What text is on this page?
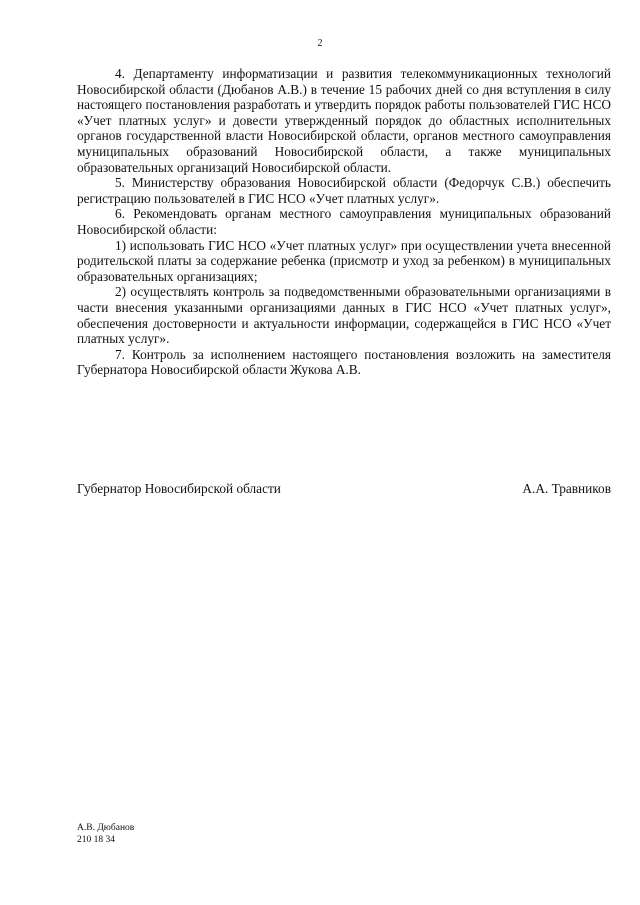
2

4. Департаменту информатизации и развития телекоммуникационных технологий Новосибирской области (Дюбанов А.В.) в течение 15 рабочих дней со дня вступления в силу настоящего постановления разработать и утвердить порядок работы пользователей ГИС НСО «Учет платных услуг» и довести утвержденный порядок до областных исполнительных органов государственной власти Новосибирской области, органов местного самоуправления муниципальных образований Новосибирской области, а также муниципальных образовательных организаций Новосибирской области.

5. Министерству образования Новосибирской области (Федорчук С.В.) обеспечить регистрацию пользователей в ГИС НСО «Учет платных услуг».

6. Рекомендовать органам местного самоуправления муниципальных образований Новосибирской области:

1) использовать ГИС НСО «Учет платных услуг» при осуществлении учета внесенной родительской платы за содержание ребенка (присмотр и уход за ребенком) в муниципальных образовательных организациях;

2) осуществлять контроль за подведомственными образовательными организациями в части внесения указанными организациями данных в ГИС НСО «Учет платных услуг», обеспечения достоверности и актуальности информации, содержащейся в ГИС НСО «Учет платных услуг».

7. Контроль за исполнением настоящего постановления возложить на заместителя Губернатора Новосибирской области Жукова А.В.

Губернатор Новосибирской области	А.А. Травников
А.В. Дюбанов
210 18 34
